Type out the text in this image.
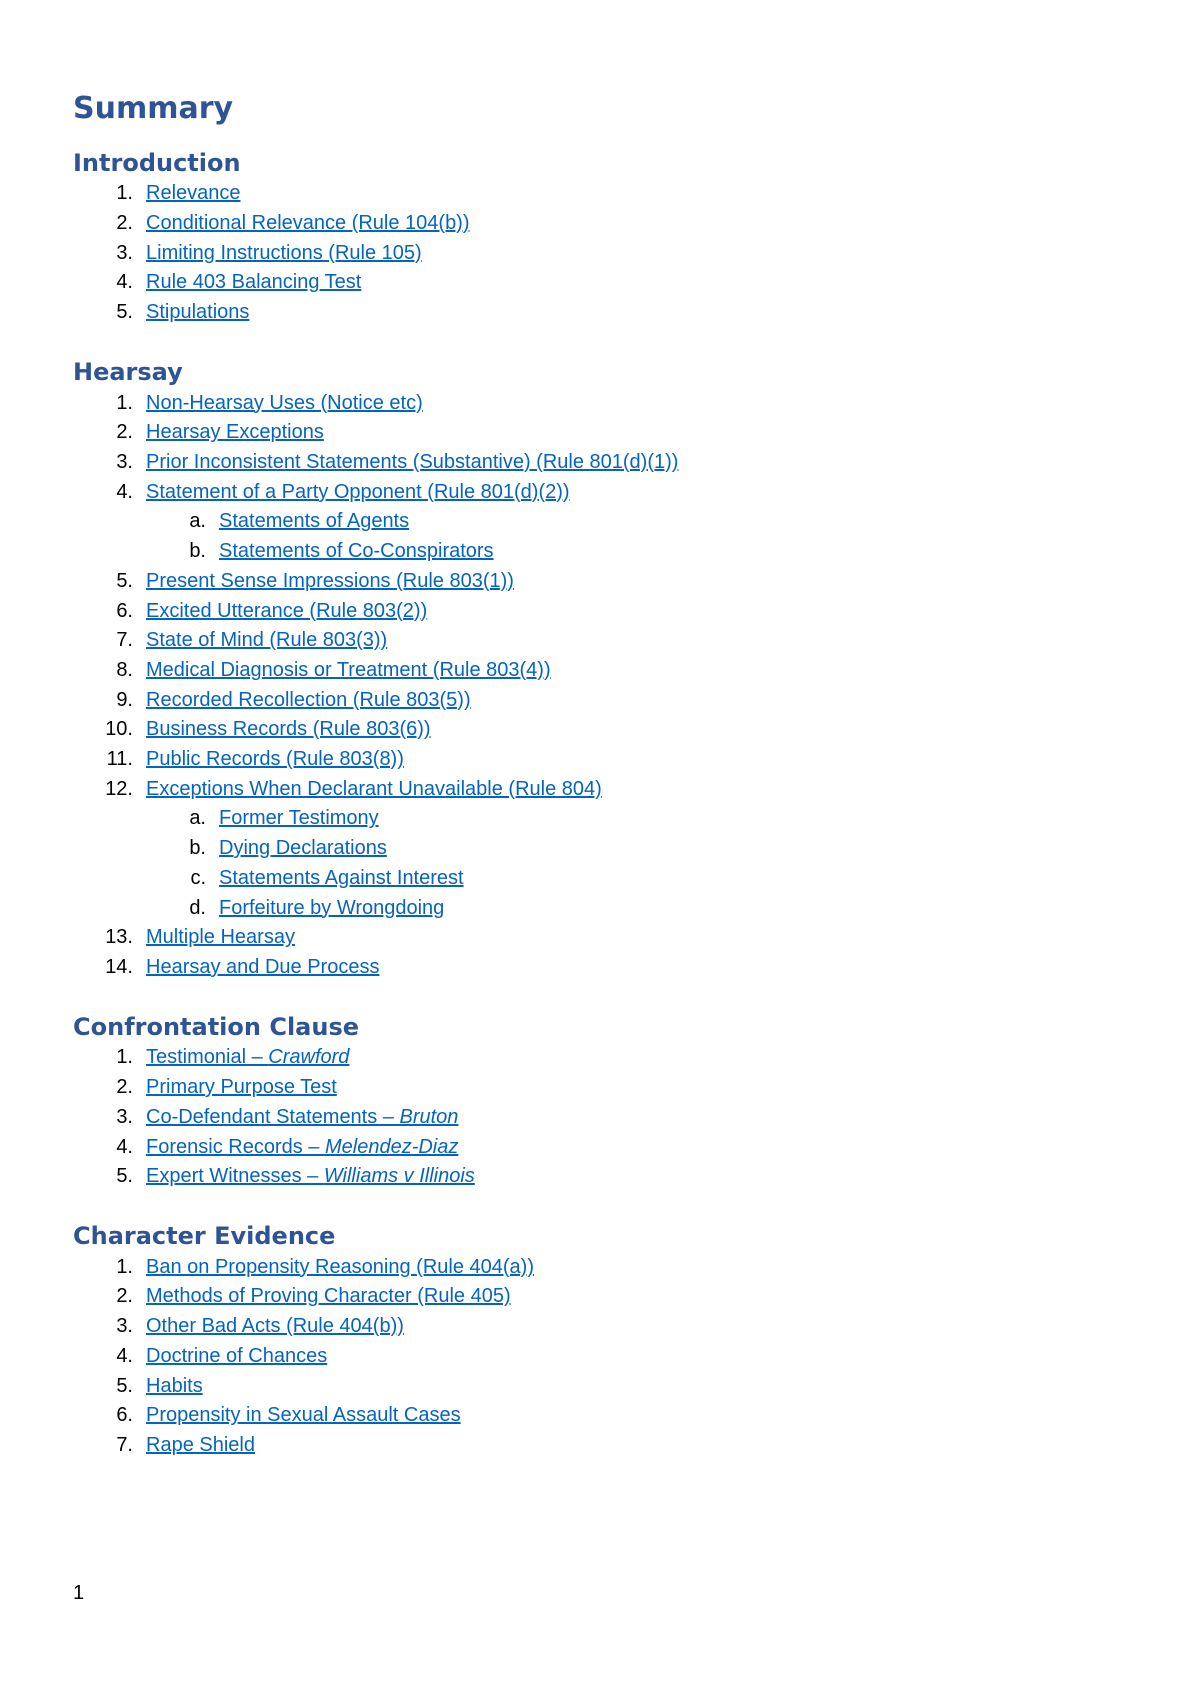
Summary
Introduction
1. Relevance
2. Conditional Relevance (Rule 104(b))
3. Limiting Instructions (Rule 105)
4. Rule 403 Balancing Test
5. Stipulations
Hearsay
1. Non-Hearsay Uses (Notice etc)
2. Hearsay Exceptions
3. Prior Inconsistent Statements (Substantive) (Rule 801(d)(1))
4. Statement of a Party Opponent (Rule 801(d)(2))
a. Statements of Agents
b. Statements of Co-Conspirators
5. Present Sense Impressions (Rule 803(1))
6. Excited Utterance (Rule 803(2))
7. State of Mind (Rule 803(3))
8. Medical Diagnosis or Treatment (Rule 803(4))
9. Recorded Recollection (Rule 803(5))
10. Business Records (Rule 803(6))
11. Public Records (Rule 803(8))
12. Exceptions When Declarant Unavailable (Rule 804)
a. Former Testimony
b. Dying Declarations
c. Statements Against Interest
d. Forfeiture by Wrongdoing
13. Multiple Hearsay
14. Hearsay and Due Process
Confrontation Clause
1. Testimonial – Crawford
2. Primary Purpose Test
3. Co-Defendant Statements – Bruton
4. Forensic Records – Melendez-Diaz
5. Expert Witnesses – Williams v Illinois
Character Evidence
1. Ban on Propensity Reasoning (Rule 404(a))
2. Methods of Proving Character (Rule 405)
3. Other Bad Acts (Rule 404(b))
4. Doctrine of Chances
5. Habits
6. Propensity in Sexual Assault Cases
7. Rape Shield
1
